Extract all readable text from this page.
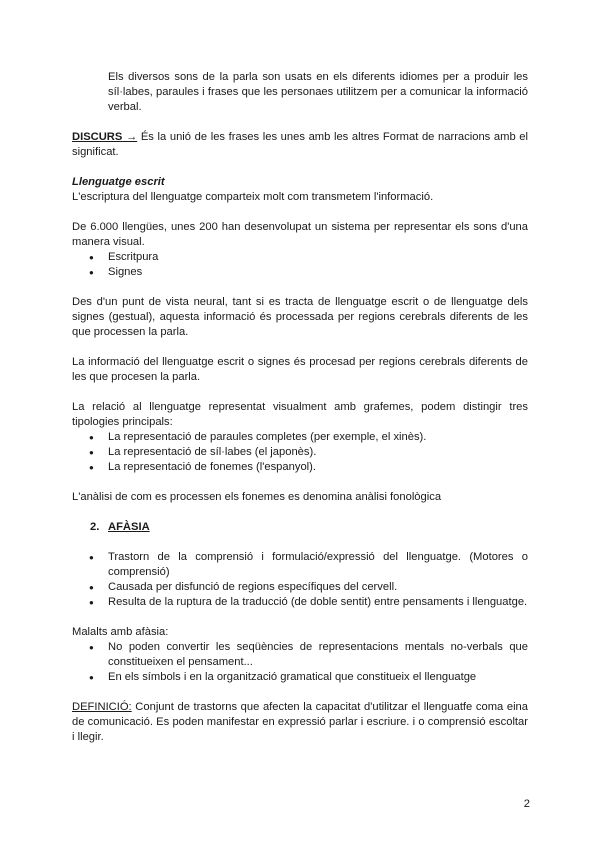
Els diversos sons de la parla son usats en els diferents idiomes per a produir les síl·labes, paraules i frases que les personaes utilitzem per a comunicar la informació verbal.

DISCURS → És la unió de les frases les unes amb les altres Format de narracions amb el significat.

Llenguatge escrit

L'escriptura del llenguatge comparteix molt com transmetem l'informació.

De 6.000 llengües, unes 200 han desenvolupat un sistema per representar els sons d'una manera visual.

● Escritpura
● Signes

Des d'un punt de vista neural, tant si es tracta de llenguatge escrit o de llenguatge dels signes (gestual), aquesta informació és processada per regions cerebrals diferents de les que processen la parla.

La informació del llenguatge escrit o signes és procesad per regions cerebrals diferents de les que procesen la parla.

La relació al llenguatge representat visualment amb grafemes, podem distingir tres tipologies principals:

● La representació de paraules completes (per exemple, el xinès).
● La representació de síl·labes (el japonès).
● La representació de fonemes (l'espanyol).

L'anàlisi de com es processen els fonemes es denomina anàlisi fonològica

2. AFÀSIA

● Trastorn de la comprensió i formulació/expressió del llenguatge. (Motores o comprensió)
● Causada per disfunció de regions específiques del cervell.
● Resulta de la ruptura de la traducció (de doble sentit) entre pensaments i llenguatge.

Malalts amb afàsia:

● No poden convertir les seqüències de representacions mentals no-verbals que constitueixen el pensament...
● En els símbols i en la organització gramatical que constitueix el llenguatge

DEFINICIÓ: Conjunt de trastorns que afecten la capacitat d'utilitzar el llenguatfe coma eina de comunicació. Es poden manifestar en expressió parlar i escriure. i o comprensió escoltar i llegir.

2
